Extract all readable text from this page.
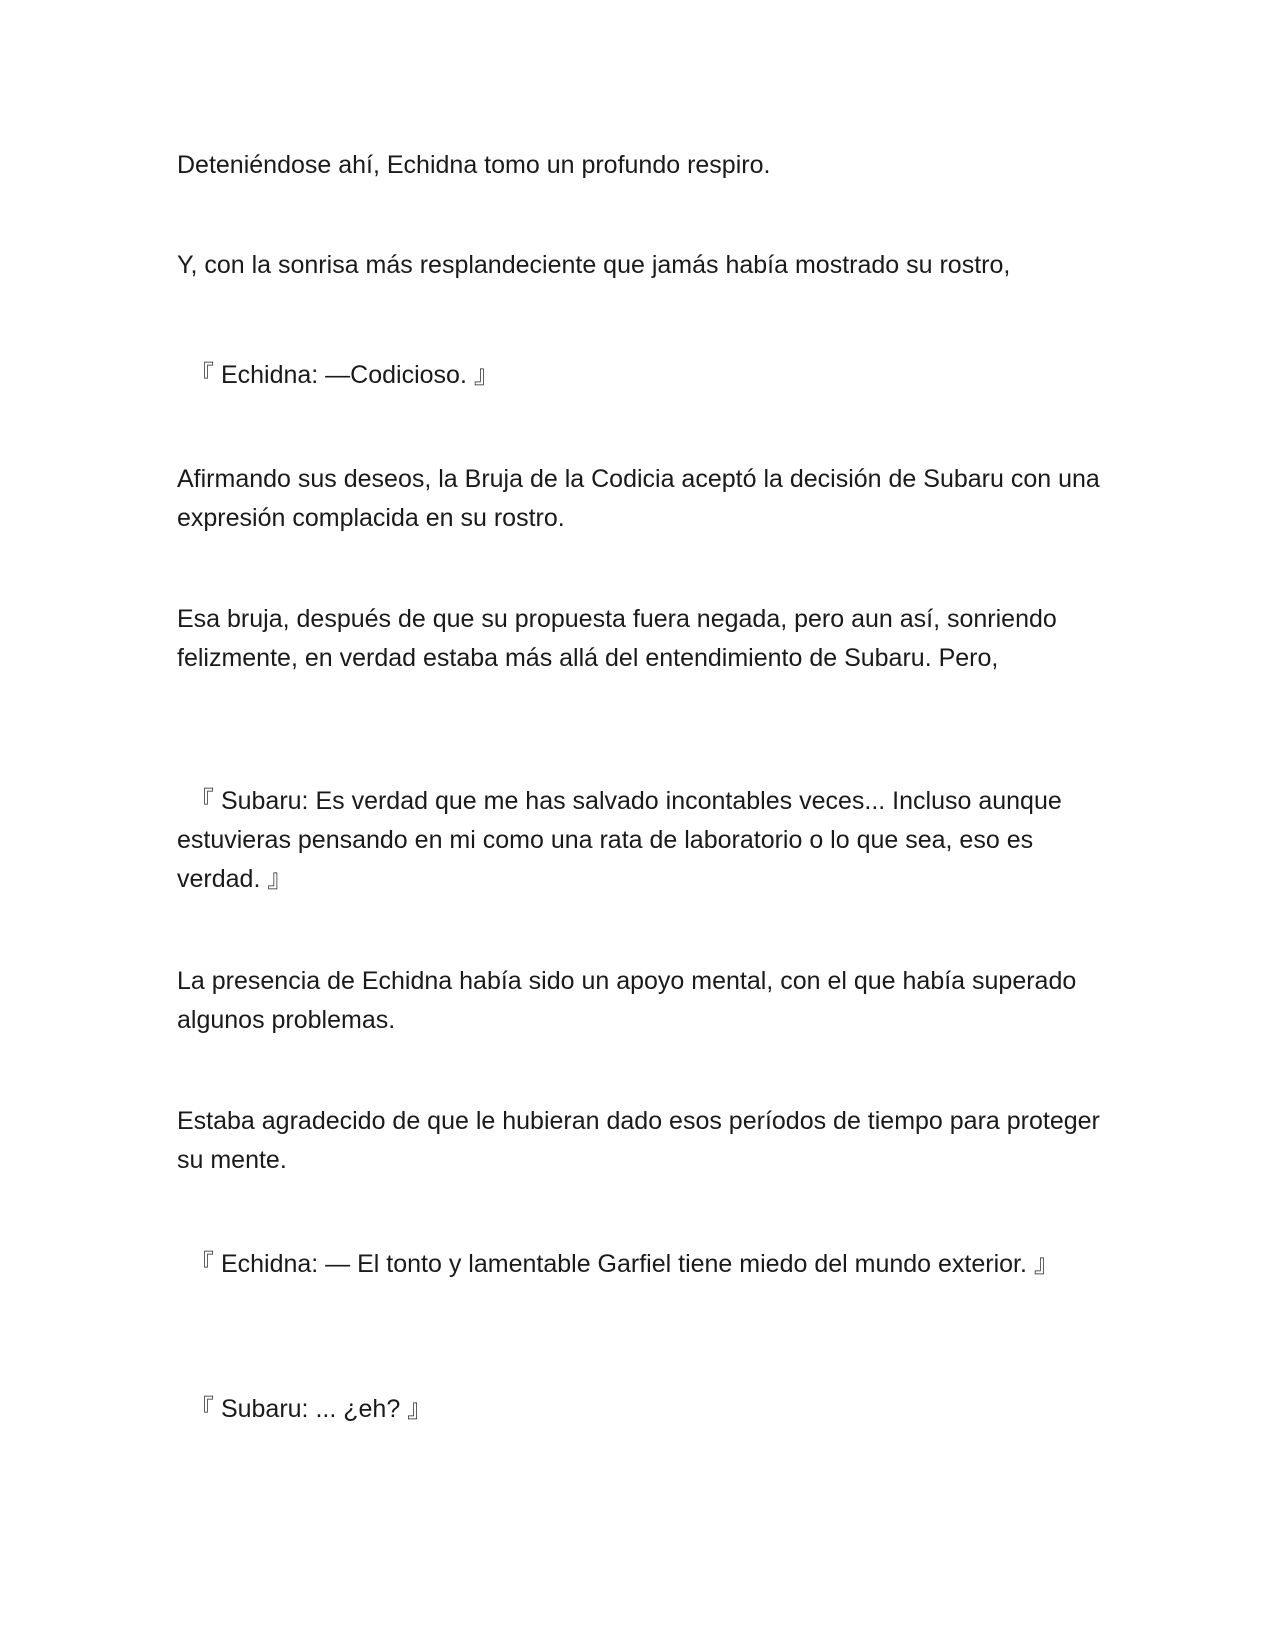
Deteniéndose ahí, Echidna tomo un profundo respiro.

Y, con la sonrisa más resplandeciente que jamás había mostrado su rostro,

『 Echidna: —Codicioso. 』

Afirmando sus deseos, la Bruja de la Codicia aceptó la decisión de Subaru con una expresión complacida en su rostro.

Esa bruja, después de que su propuesta fuera negada, pero aun así, sonriendo felizmente, en verdad estaba más allá del entendimiento de Subaru. Pero,

『 Subaru: Es verdad que me has salvado incontables veces... Incluso aunque estuvieras pensando en mi como una rata de laboratorio o lo que sea, eso es verdad. 』

La presencia de Echidna había sido un apoyo mental, con el que había superado algunos problemas.

Estaba agradecido de que le hubieran dado esos períodos de tiempo para proteger su mente.

『 Echidna: — El tonto y lamentable Garfiel tiene miedo del mundo exterior. 』

『 Subaru: ... ¿eh? 』
